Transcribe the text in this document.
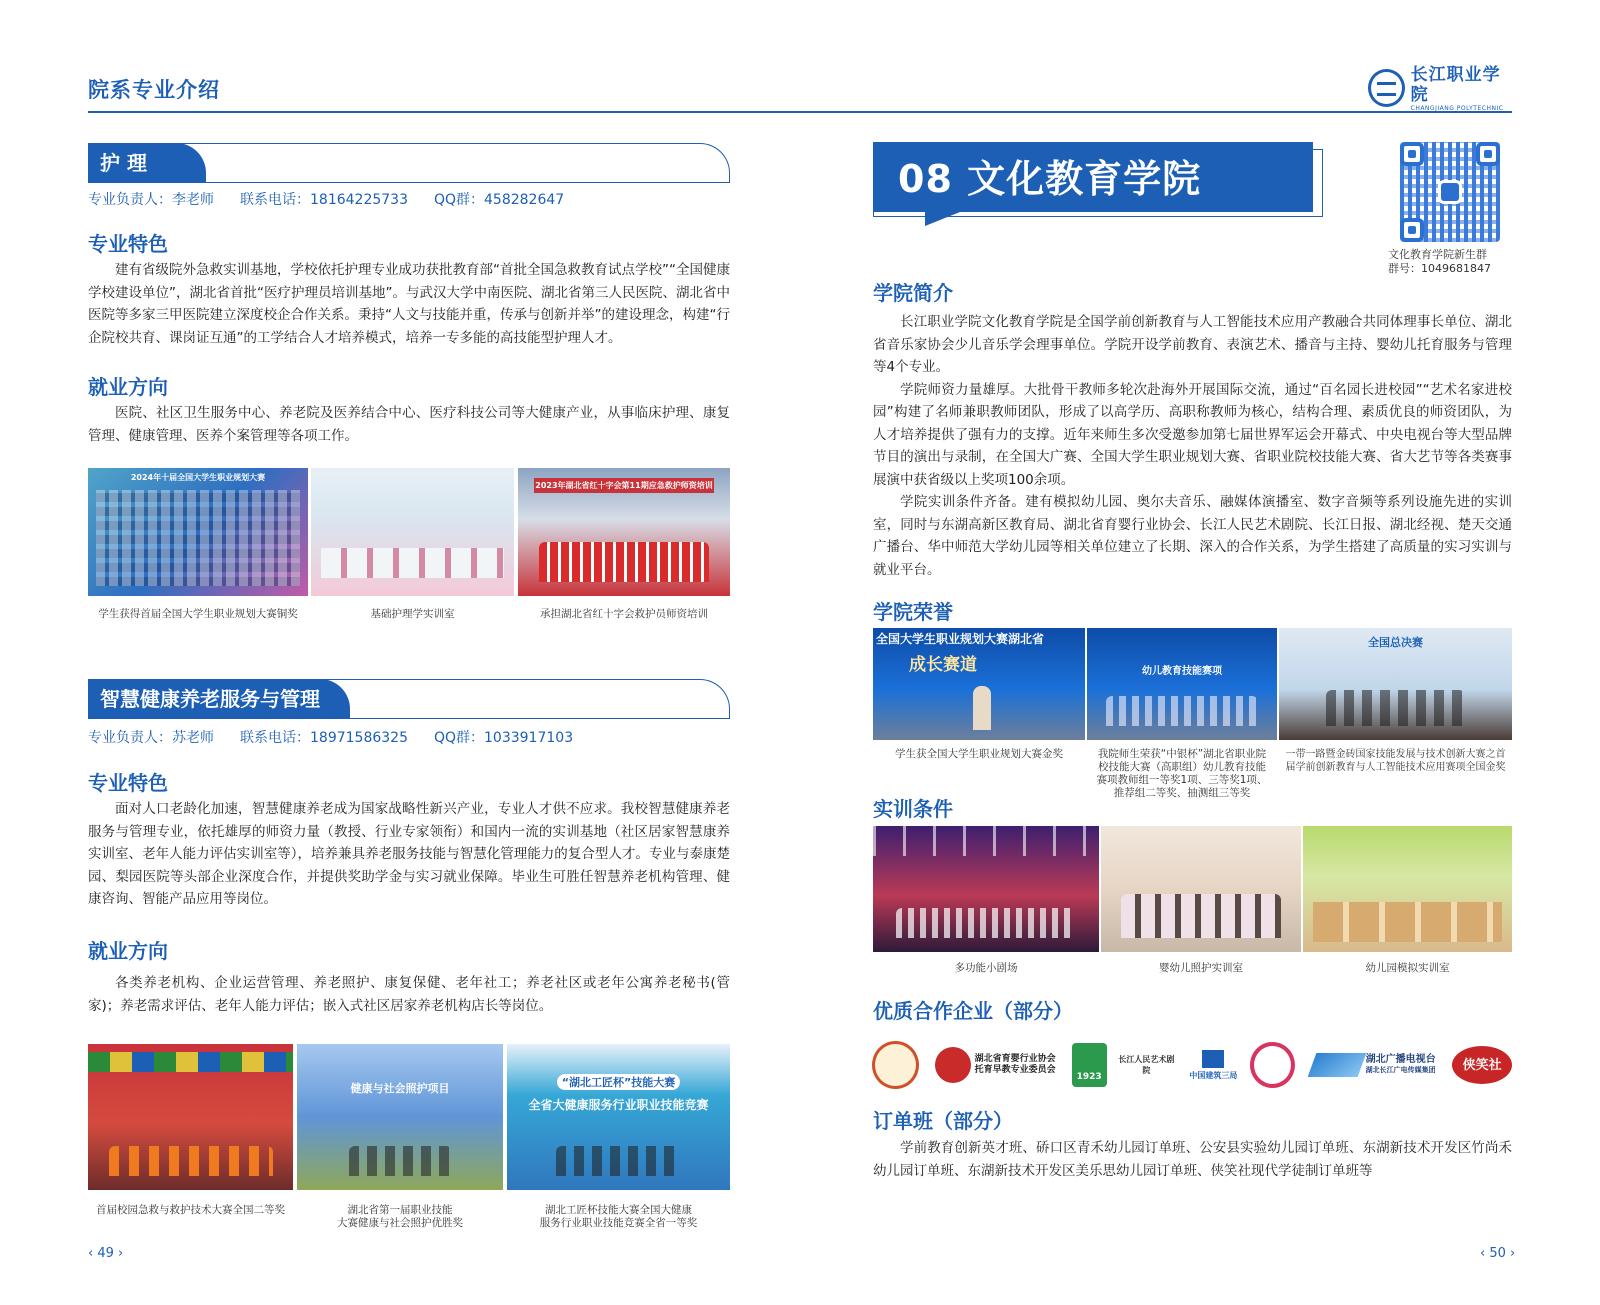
院系专业介绍
长江职业学院
CHANGJIANG POLYTECHNIC
护 理
专业负责人：李老师 联系电话：18164225733 QQ群：458282647
专业特色
建有省级院外急救实训基地，学校依托护理专业成功获批教育部“首批全国急救教育试点学校”“全国健康学校建设单位”，湖北省首批“医疗护理员培训基地”。与武汉大学中南医院、湖北省第三人民医院、湖北省中医院等多家三甲医院建立深度校企合作关系。秉持“人文与技能并重，传承与创新并举”的建设理念，构建“行企院校共育、课岗证互通”的工学结合人才培养模式，培养一专多能的高技能型护理人才。
就业方向
医院、社区卫生服务中心、养老院及医养结合中心、医疗科技公司等大健康产业，从事临床护理、康复管理、健康管理、医养个案管理等各项工作。
2024年十届全国大学生职业规划大赛
2023年湖北省红十字会第11期应急救护师资培训
学生获得首届全国大学生职业规划大赛铜奖	基础护理学实训室	承担湖北省红十字会救护员师资培训
智慧健康养老服务与管理
专业负责人：苏老师 联系电话：18971586325 QQ群：1033917103
专业特色
面对人口老龄化加速，智慧健康养老成为国家战略性新兴产业，专业人才供不应求。我校智慧健康养老服务与管理专业，依托雄厚的师资力量（教授、行业专家领衔）和国内一流的实训基地（社区居家智慧康养实训室、老年人能力评估实训室等），培养兼具养老服务技能与智慧化管理能力的复合型人才。专业与泰康楚园、梨园医院等头部企业深度合作，并提供奖助学金与实习就业保障。毕业生可胜任智慧养老机构管理、健康咨询、智能产品应用等岗位。
就业方向
各类养老机构、企业运营管理、养老照护、康复保健、老年社工；养老社区或老年公寓养老秘书(管家)；养老需求评估、老年人能力评估；嵌入式社区居家养老机构店长等岗位。
健康与社会照护项目	“湖北工匠杯”技能大赛
全省大健康服务行业职业技能竞赛
首届校园急救与救护技术大赛全国二等奖	湖北省第一届职业技能
大赛健康与社会照护优胜奖
湖北工匠杯技能大赛全国大健康
服务行业职业技能竞赛全省一等奖
‹ 49 ›
08 文化教育学院
文化教育学院新生群
群号：1049681847
学院简介

长江职业学院文化教育学院是全国学前创新教育与人工智能技术应用产教融合共同体理事长单位、湖北省音乐家协会少儿音乐学会理事单位。学院开设学前教育、表演艺术、播音与主持、婴幼儿托育服务与管理等4个专业。

学院师资力量雄厚。大批骨干教师多轮次赴海外开展国际交流，通过“百名园长进校园”“艺术名家进校园”构建了名师兼职教师团队，形成了以高学历、高职称教师为核心，结构合理、素质优良的师资团队，为人才培养提供了强有力的支撑。近年来师生多次受邀参加第七届世界军运会开幕式、中央电视台等大型品牌节目的演出与录制，在全国大广赛、全国大学生职业规划大赛、省职业院校技能大赛、省大艺节等各类赛事展演中获省级以上奖项100余项。

学院实训条件齐备。建有模拟幼儿园、奥尔夫音乐、融媒体演播室、数字音频等系列设施先进的实训室，同时与东湖高新区教育局、湖北省育婴行业协会、长江人民艺术剧院、长江日报、湖北经视、楚天交通广播台、华中师范大学幼儿园等相关单位建立了长期、深入的合作关系，为学生搭建了高质量的实习实训与就业平台。

学院荣誉
全国大学生职业规划大赛湖北省
成长赛道	幼儿教育技能赛项
全国总决赛
学生获全国大学生职业规划大赛金奖	我院师生荣获“中银杯”湖北省职业院
校技能大赛（高职组）幼儿教育技能
赛项教师组一等奖1项、三等奖1项、
推荐组二等奖、抽测组三等奖
一带一路暨金砖国家技能发展与技术创新大赛之首
届学前创新教育与人工智能技术应用赛项全国金奖
实训条件
多功能小剧场	婴幼儿照护实训室	幼儿园模拟实训室
优质合作企业（部分）
湖北省育婴行业协会
托育早教专业委员会
1923
长江人民艺术剧院	中国建筑三局
湖北广播电视台
湖北长江广电传媒集团	侠笑社
订单班（部分）
学前教育创新英才班、硚口区青禾幼儿园订单班、公安县实验幼儿园订单班、东湖新技术开发区竹尚禾幼儿园订单班、东湖新技术开发区美乐思幼儿园订单班、侠笑社现代学徒制订单班等
‹ 50 ›
